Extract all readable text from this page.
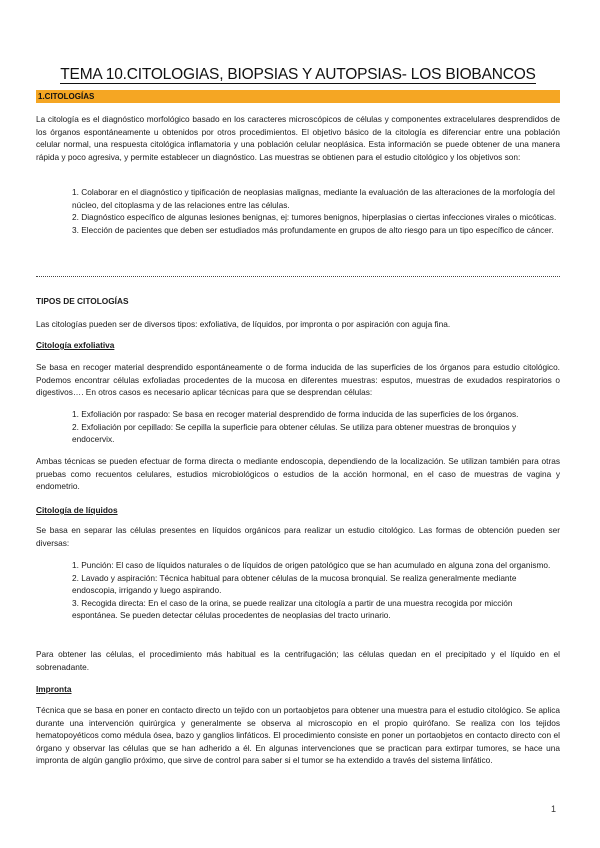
TEMA 10.CITOLOGIAS, BIOPSIAS Y AUTOPSIAS- LOS BIOBANCOS
1.CITOLOGÍAS
La citología es el diagnóstico morfológico basado en los caracteres microscópicos de células y componentes extracelulares desprendidos de los órganos espontáneamente u obtenidos por otros procedimientos. El objetivo básico de la citología es diferenciar entre una población celular normal, una respuesta citológica inflamatoria y una población celular neoplásica. Esta información se puede obtener de una manera rápida y poco agresiva, y permite establecer un diagnóstico. Las muestras se obtienen para el estudio citológico y los objetivos son:
1. Colaborar en el diagnóstico y tipificación de neoplasias malignas, mediante la evaluación de las alteraciones de la morfología del núcleo, del citoplasma y de las relaciones entre las células.
2. Diagnóstico específico de algunas lesiones benignas, ej: tumores benignos, hiperplasias o ciertas infecciones virales o micóticas.
3. Elección de pacientes que deben ser estudiados más profundamente en grupos de alto riesgo para un tipo específico de cáncer.
TIPOS DE CITOLOGÍAS
Las citologías pueden ser de diversos tipos: exfoliativa, de líquidos, por impronta o por aspiración con aguja fina.
Citología exfoliativa
Se basa en recoger material desprendido espontáneamente o de forma inducida de las superficies de los órganos para estudio citológico. Podemos encontrar células exfoliadas procedentes de la mucosa en diferentes muestras: esputos, muestras de exudados respiratorios o digestivos…. En otros casos es necesario aplicar técnicas para que se desprendan células:
1. Exfoliación por raspado: Se basa en recoger material desprendido de forma inducida de las superficies de los órganos.
2. Exfoliación por cepillado: Se cepilla la superficie para obtener células. Se utiliza para obtener muestras de bronquios y endocervix.
Ambas técnicas se pueden efectuar de forma directa o mediante endoscopia, dependiendo de la localización. Se utilizan también para otras pruebas como recuentos celulares, estudios microbiológicos o estudios de la acción hormonal, en el caso de muestras de vagina y endometrio.
Citología de líquidos
Se basa en separar las células presentes en líquidos orgánicos para realizar un estudio citológico. Las formas de obtención pueden ser diversas:
1. Punción: El caso de líquidos naturales o de líquidos de origen patológico que se han acumulado en alguna zona del organismo.
2. Lavado y aspiración: Técnica habitual para obtener células de la mucosa bronquial. Se realiza generalmente mediante endoscopia, irrigando y luego aspirando.
3. Recogida directa: En el caso de la orina, se puede realizar una citología a partir de una muestra recogida por micción espontánea. Se pueden detectar células procedentes de neoplasias del tracto urinario.
Para obtener las células, el procedimiento más habitual es la centrifugación; las células quedan en el precipitado y el líquido en el sobrenadante.
Impronta
Técnica que se basa en poner en contacto directo un tejido con un portaobjetos para obtener una muestra para el estudio citológico. Se aplica durante una intervención quirúrgica y generalmente se observa al microscopio en el propio quirófano. Se realiza con los tejidos hematopoyéticos como médula ósea, bazo y ganglios linfáticos. El procedimiento consiste en poner un portaobjetos en contacto directo con el órgano y observar las células que se han adherido a él. En algunas intervenciones que se practican para extirpar tumores, se hace una impronta de algún ganglio próximo, que sirve de control para saber si el tumor se ha extendido a través del sistema linfático.
1
